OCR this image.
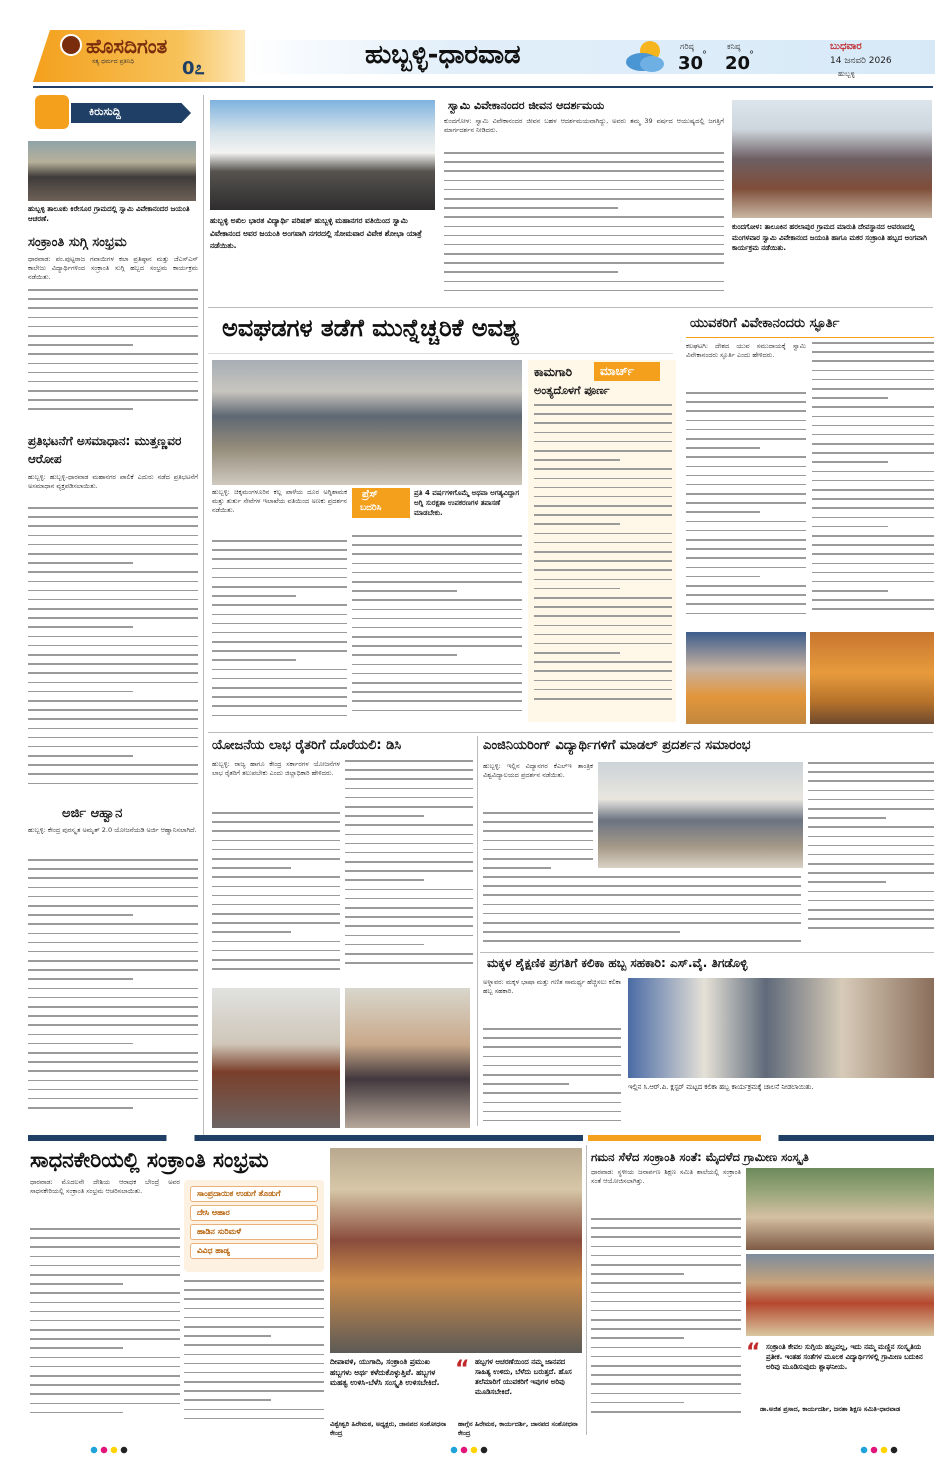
ಹೊಸದಿಗಂತ
ಸತ್ಯ ಧರ್ಮದ ಪ್ರತಿನಿಧಿ	0೭	ಹುಬ್ಬಳ್ಳಿ-ಧಾರವಾಡ	ಗರಿಷ್ಠ
30
°
ಕನಿಷ್ಠ
20
°
ಬುಧವಾರ
14 ಜನವರಿ 2026
ಹುಬ್ಬಳ್ಳಿ
ಕಿರುಸುದ್ದಿ
ಹುಬ್ಬಳ್ಳಿ ತಾಲೂಕು ಕಿರೇಸೂರ ಗ್ರಾಮದಲ್ಲಿ ಸ್ವಾಮಿ ವಿವೇಕಾನಂದರ ಜಯಂತಿ ಆಚರಣೆ.
ಸಂಕ್ರಾಂತಿ ಸುಗ್ಗಿ ಸಂಭ್ರಮ
ಧಾರವಾಡ: ಪಂ.ಪುಟ್ಟರಾಜ ಗವಾಯಿಗಳ ಕಲಾ ಪ್ರತಿಷ್ಠಾನ ಮತ್ತು ಜೆಎಸ್‌ಎಸ್ ಕಾಲೇಜು ವಿದ್ಯಾರ್ಥಿಗಳಿಂದ ಸಂಕ್ರಾಂತಿ ಸುಗ್ಗಿ ಹಬ್ಬದ ಸಂಭ್ರಮ ಕಾರ್ಯಕ್ರಮ ನಡೆಯಿತು.
ಪ್ರತಿಭಟನೆಗೆ ಅಸಮಾಧಾನ: ಮುತ್ತಣ್ಣವರ ಆರೋಪ
ಹುಬ್ಬಳ್ಳಿ: ಹುಬ್ಬಳ್ಳಿ-ಧಾರವಾಡ ಮಹಾನಗರ ಪಾಲಿಕೆ ಎದುರು ನಡೆದ ಪ್ರತಿಭಟನೆಗೆ ಅಸಮಾಧಾನ ವ್ಯಕ್ತಪಡಿಸಲಾಯಿತು.
ಅರ್ಜಿ ಆಹ್ವಾನ
ಹುಬ್ಬಳ್ಳಿ: ಕೇಂದ್ರ ಪುರಸ್ಕೃತ ಅಮೃತ್ 2.0 ಯೋಜನೆಯಡಿ ಅರ್ಜಿ ಆಹ್ವಾನಿಸಲಾಗಿದೆ.
ಹುಬ್ಬಳ್ಳಿ ಅಖಿಲ ಭಾರತ ವಿದ್ಯಾರ್ಥಿ ಪರಿಷತ್ ಹುಬ್ಬಳ್ಳಿ ಮಹಾನಗರ ವತಿಯಿಂದ ಸ್ವಾಮಿ ವಿವೇಕಾನಂದ ಅವರ ಜಯಂತಿ ಅಂಗವಾಗಿ ನಗರದಲ್ಲಿ ಸೋಮವಾರ ವಿವೇಕ ಶೋಭಾ ಯಾತ್ರೆ ನಡೆಯಿತು.
ಸ್ವಾಮಿ ವಿವೇಕಾನಂದರ ಜೀವನ ಆದರ್ಶಮಯ
ಕುಂದಗೋಳ: ಸ್ವಾಮಿ ವಿವೇಕಾನಂದರ ಜೀವನ ಬಹಳ ಆದರ್ಶಮಯವಾಗಿದ್ದು, ಅವರು ತಮ್ಮ 39 ವರ್ಷದ ಆಯುಷ್ಯದಲ್ಲಿ ಜಗತ್ತಿಗೆ ಮಾರ್ಗದರ್ಶನ ನೀಡಿದರು.
ಕುಂದಗೋಳ: ತಾಲೂಕಿನ ಹರಲಾಪುರ ಗ್ರಾಮದ ಮಾರುತಿ ದೇವಸ್ಥಾನದ ಆವರಣದಲ್ಲಿ ಮಂಗಳವಾರ ಸ್ವಾಮಿ ವಿವೇಕಾನಂದ ಜಯಂತಿ ಹಾಗೂ ಮಕರ ಸಂಕ್ರಾಂತಿ ಹಬ್ಬದ ಅಂಗವಾಗಿ ಕಾರ್ಯಕ್ರಮ ನಡೆಯಿತು.
ಅವಘಡಗಳ ತಡೆಗೆ ಮುನ್ನೆಚ್ಚರಿಕೆ ಅವಶ್ಯ
ಪ್ರೆಸ್
ಬದರಿಸಿ
ಪ್ರತಿ 4 ವರ್ಷಗಳಿಗೊಮ್ಮೆ ಅಥವಾ ಅಗತ್ಯವಿದ್ದಾಗ ಅಗ್ನಿ ಸುರಕ್ಷತಾ ಉಪಕರಣಗಳ ತಪಾಸಣೆ ಮಾಡಬೇಕು.
ಹುಬ್ಬಳ್ಳಿ: ಚಿಕ್ಕಮಂಗಳೂರಿನ ಕಲ್ಲ ಪಾಳೆಯ ದೂರ ಅಗ್ನಿಶಾಮಕ ಮತ್ತು ತುರ್ತು ಸೇವೆಗಳ ಇಲಾಖೆಯ ವತಿಯಿಂದ ಅಣಕು ಪ್ರದರ್ಶನ ನಡೆಯಿತು.
ಕಾಮಗಾರಿ ಮಾರ್ಚ್
ಅಂತ್ಯದೊಳಗೆ ಪೂರ್ಣ
ಯುವಕರಿಗೆ ವಿವೇಕಾನಂದರು ಸ್ಫೂರ್ತಿ
ಕಲಘಟಗಿ: ದೇಶದ ಯುವ ಸಮುದಾಯಕ್ಕೆ ಸ್ವಾಮಿ ವಿವೇಕಾನಂದರು ಸ್ಫೂರ್ತಿ ಎಂದು ಹೇಳಿದರು.
ಯೋಜನೆಯ ಲಾಭ ರೈತರಿಗೆ ದೊರೆಯಲಿ: ಡಿಸಿ
ಹುಬ್ಬಳ್ಳಿ: ರಾಜ್ಯ ಹಾಗೂ ಕೇಂದ್ರ ಸರ್ಕಾರಗಳ ಯೋಜನೆಗಳ ಲಾಭ ರೈತರಿಗೆ ತಲುಪಬೇಕು ಎಂದು ಜಿಲ್ಲಾಧಿಕಾರಿ ಹೇಳಿದರು.
ಎಂಜಿನಿಯರಿಂಗ್ ವಿದ್ಯಾರ್ಥಿಗಳಿಗೆ ಮಾಡಲ್ ಪ್ರದರ್ಶನ ಸಮಾರಂಭ
ಹುಬ್ಬಳ್ಳಿ: ಇಲ್ಲಿನ ವಿದ್ಯಾನಗರ ಕೆಎಲ್‌ಇ ತಾಂತ್ರಿಕ ವಿಶ್ವವಿದ್ಯಾಲಯದ ಪ್ರದರ್ಶನ ನಡೆಯಿತು.
ಮಕ್ಕಳ ಶೈಕ್ಷಣಿಕ ಪ್ರಗತಿಗೆ ಕಲಿಕಾ ಹಬ್ಬ ಸಹಕಾರಿ: ಎಸ್.ವೈ. ತಿಗಡೊಳ್ಳಿ
ಅಳ್ನಾವರ: ಮಕ್ಕಳ ಭಾಷಾ ಮತ್ತು ಗಣಿತ ಸಾಮರ್ಥ್ಯ ಹೆಚ್ಚಿಸಲು ಕಲಿಕಾ ಹಬ್ಬ ಸಹಕಾರಿ.
ಇಲ್ಲಿನ ಸಿ.ಆರ್.ಪಿ. ಕ್ಲಸ್ಟರ್ ಮಟ್ಟದ ಕಲಿಕಾ ಹಬ್ಬ ಕಾರ್ಯಕ್ರಮಕ್ಕೆ ಚಾಲನೆ ನೀಡಲಾಯಿತು.
ಸಾಧನಕೇರಿಯಲ್ಲಿ ಸಂಕ್ರಾಂತಿ ಸಂಭ್ರಮ
ಧಾರವಾಡ: ಮೊದಲನೇ ದೇಶಿಯ ಆರಾಧಕ ಬೇಂದ್ರೆ ಅವರ ಸಾಧನಕೇರಿಯಲ್ಲಿ ಸಂಕ್ರಾಂತಿ ಸಂಭ್ರಮ ಆಚರಿಸಲಾಯಿತು.	ಸಾಂಪ್ರದಾಯಿಕ ಉಡುಗೆ ತೊಡುಗೆ
ದೇಸಿ ಆಹಾರ
ಹಾಡಿನ ಸುರಿಮಳೆ
ವಿವಿಧ ಹಾಡ್ಯ
ದೀಪಾವಳಿ, ಯುಗಾದಿ, ಸಂಕ್ರಾಂತಿ ಪ್ರಮುಖ ಹಬ್ಬಗಳು ಅರ್ಥ ಕಳೆದುಕೊಳ್ಳುತ್ತಿವೆ. ಹಬ್ಬಗಳ ಮಹತ್ವ ಉಳಿಸಿ-ಬೆಳೆಸಿ ಸಂಸ್ಕೃತಿ ಉಳಿಸಬೇಕಿದೆ.
ವಿಶ್ವೇಶ್ವರಿ ಹಿರೇಮಠ, ಅಧ್ಯಕ್ಷರು, ಜಾನಪದ ಸಂಶೋಧನಾ ಕೇಂದ್ರ
“ ಹಬ್ಬಗಳ ಆಚರಣೆಯಿಂದ ನಮ್ಮ ಜಾನಪದ ಸಾಹಿತ್ಯ ಉಳಿದು, ಬೆಳೆದು ಬರುತ್ತದೆ. ಹೊಸ ತಲೆಮಾರಿಗೆ ಯುವಕರಿಗೆ ಇವುಗಳ ಅರಿವು ಮೂಡಿಸಬೇಕಿದೆ.
ಹಾಗ್ಗೆನ ಹಿರೇಮಠ, ಕಾರ್ಯದರ್ಶಿ, ಜಾನಪದ ಸಂಶೋಧನಾ ಕೇಂದ್ರ
ಗಮನ ಸೆಳೆದ ಸಂಕ್ರಾಂತಿ ಸಂತೆ: ಮೈದಳೆದ ಗ್ರಾಮೀಣ ಸಂಸ್ಕೃತಿ
ಧಾರವಾಡ: ಸ್ಥಳೀಯ ಜನಾರ್ಪಣ ಶಿಕ್ಷಣ ಸಮಿತಿ ಶಾಲೆಯಲ್ಲಿ ಸಂಕ್ರಾಂತಿ ಸಂತೆ ಆಯೋಜಿಸಲಾಗಿತ್ತು.
“ ಸಂಕ್ರಾಂತಿ ಕೇವಲ ಸುಗ್ಗಿಯ ಹಬ್ಬವಲ್ಲ, ಇದು ನಮ್ಮ ಮಣ್ಣಿನ ಸಂಸ್ಕೃತಿಯ ಪ್ರತೀಕ. ಇಂತಹ ಸಂತೆಗಳ ಮೂಲಕ ವಿದ್ಯಾರ್ಥಿಗಳಲ್ಲಿ ಗ್ರಾಮೀಣ ಬದುಕಿನ ಅರಿವು ಮೂಡಿಸುವುದು ಶ್ಲಾಘನೀಯ.
ಡಾ.ಅಜಿತ ಪ್ರಸಾದ, ಕಾರ್ಯದರ್ಶಿ, ಜನತಾ ಶಿಕ್ಷಣ ಸಮಿತಿ-ಧಾರವಾಡ
